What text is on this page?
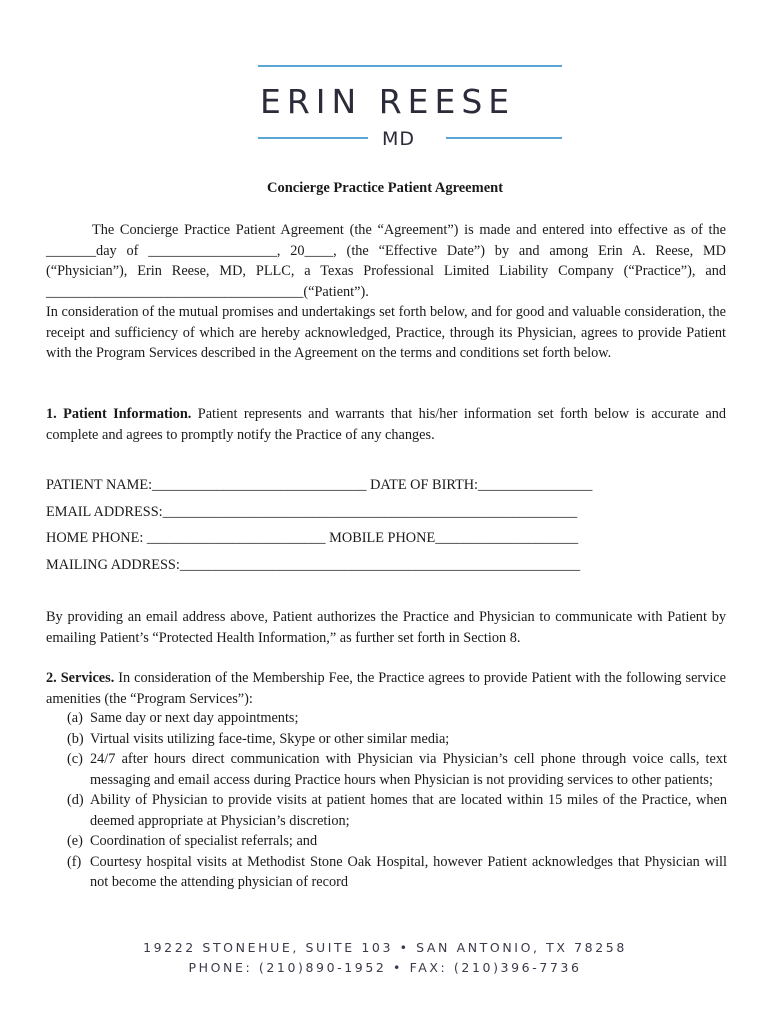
ERIN REESE
MD
Concierge Practice Patient Agreement
The Concierge Practice Patient Agreement (the “Agreement”) is made and entered into effective as of the _______day of __________________, 20____, (the “Effective Date”) by and among Erin A. Reese, MD (“Physician”), Erin Reese, MD, PLLC, a Texas Professional Limited Liability Company (“Practice”), and ____________________________________(“Patient”).
In consideration of the mutual promises and undertakings set forth below, and for good and valuable consideration, the receipt and sufficiency of which are hereby acknowledged, Practice, through its Physician, agrees to provide Patient with the Program Services described in the Agreement on the terms and conditions set forth below.
1. Patient Information. Patient represents and warrants that his/her information set forth below is accurate and complete and agrees to promptly notify the Practice of any changes.
PATIENT NAME:______________________________ DATE OF BIRTH:________________
EMAIL ADDRESS:__________________________________________________________
HOME PHONE: _________________________ MOBILE PHONE____________________
MAILING ADDRESS:________________________________________________________
By providing an email address above, Patient authorizes the Practice and Physician to communicate with Patient by emailing Patient’s “Protected Health Information,” as further set forth in Section 8.
2. Services. In consideration of the Membership Fee, the Practice agrees to provide Patient with the following service amenities (the “Program Services”):
(a) Same day or next day appointments;
(b) Virtual visits utilizing face-time, Skype or other similar media;
(c) 24/7 after hours direct communication with Physician via Physician’s cell phone through voice calls, text messaging and email access during Practice hours when Physician is not providing services to other patients;
(d) Ability of Physician to provide visits at patient homes that are located within 15 miles of the Practice, when deemed appropriate at Physician’s discretion;
(e) Coordination of specialist referrals; and
(f) Courtesy hospital visits at Methodist Stone Oak Hospital, however Patient acknowledges that Physician will not become the attending physician of record
19222 STONEHUE, SUITE 103 • SAN ANTONIO, TX 78258
PHONE: (210)890-1952 • FAX: (210)396-7736
